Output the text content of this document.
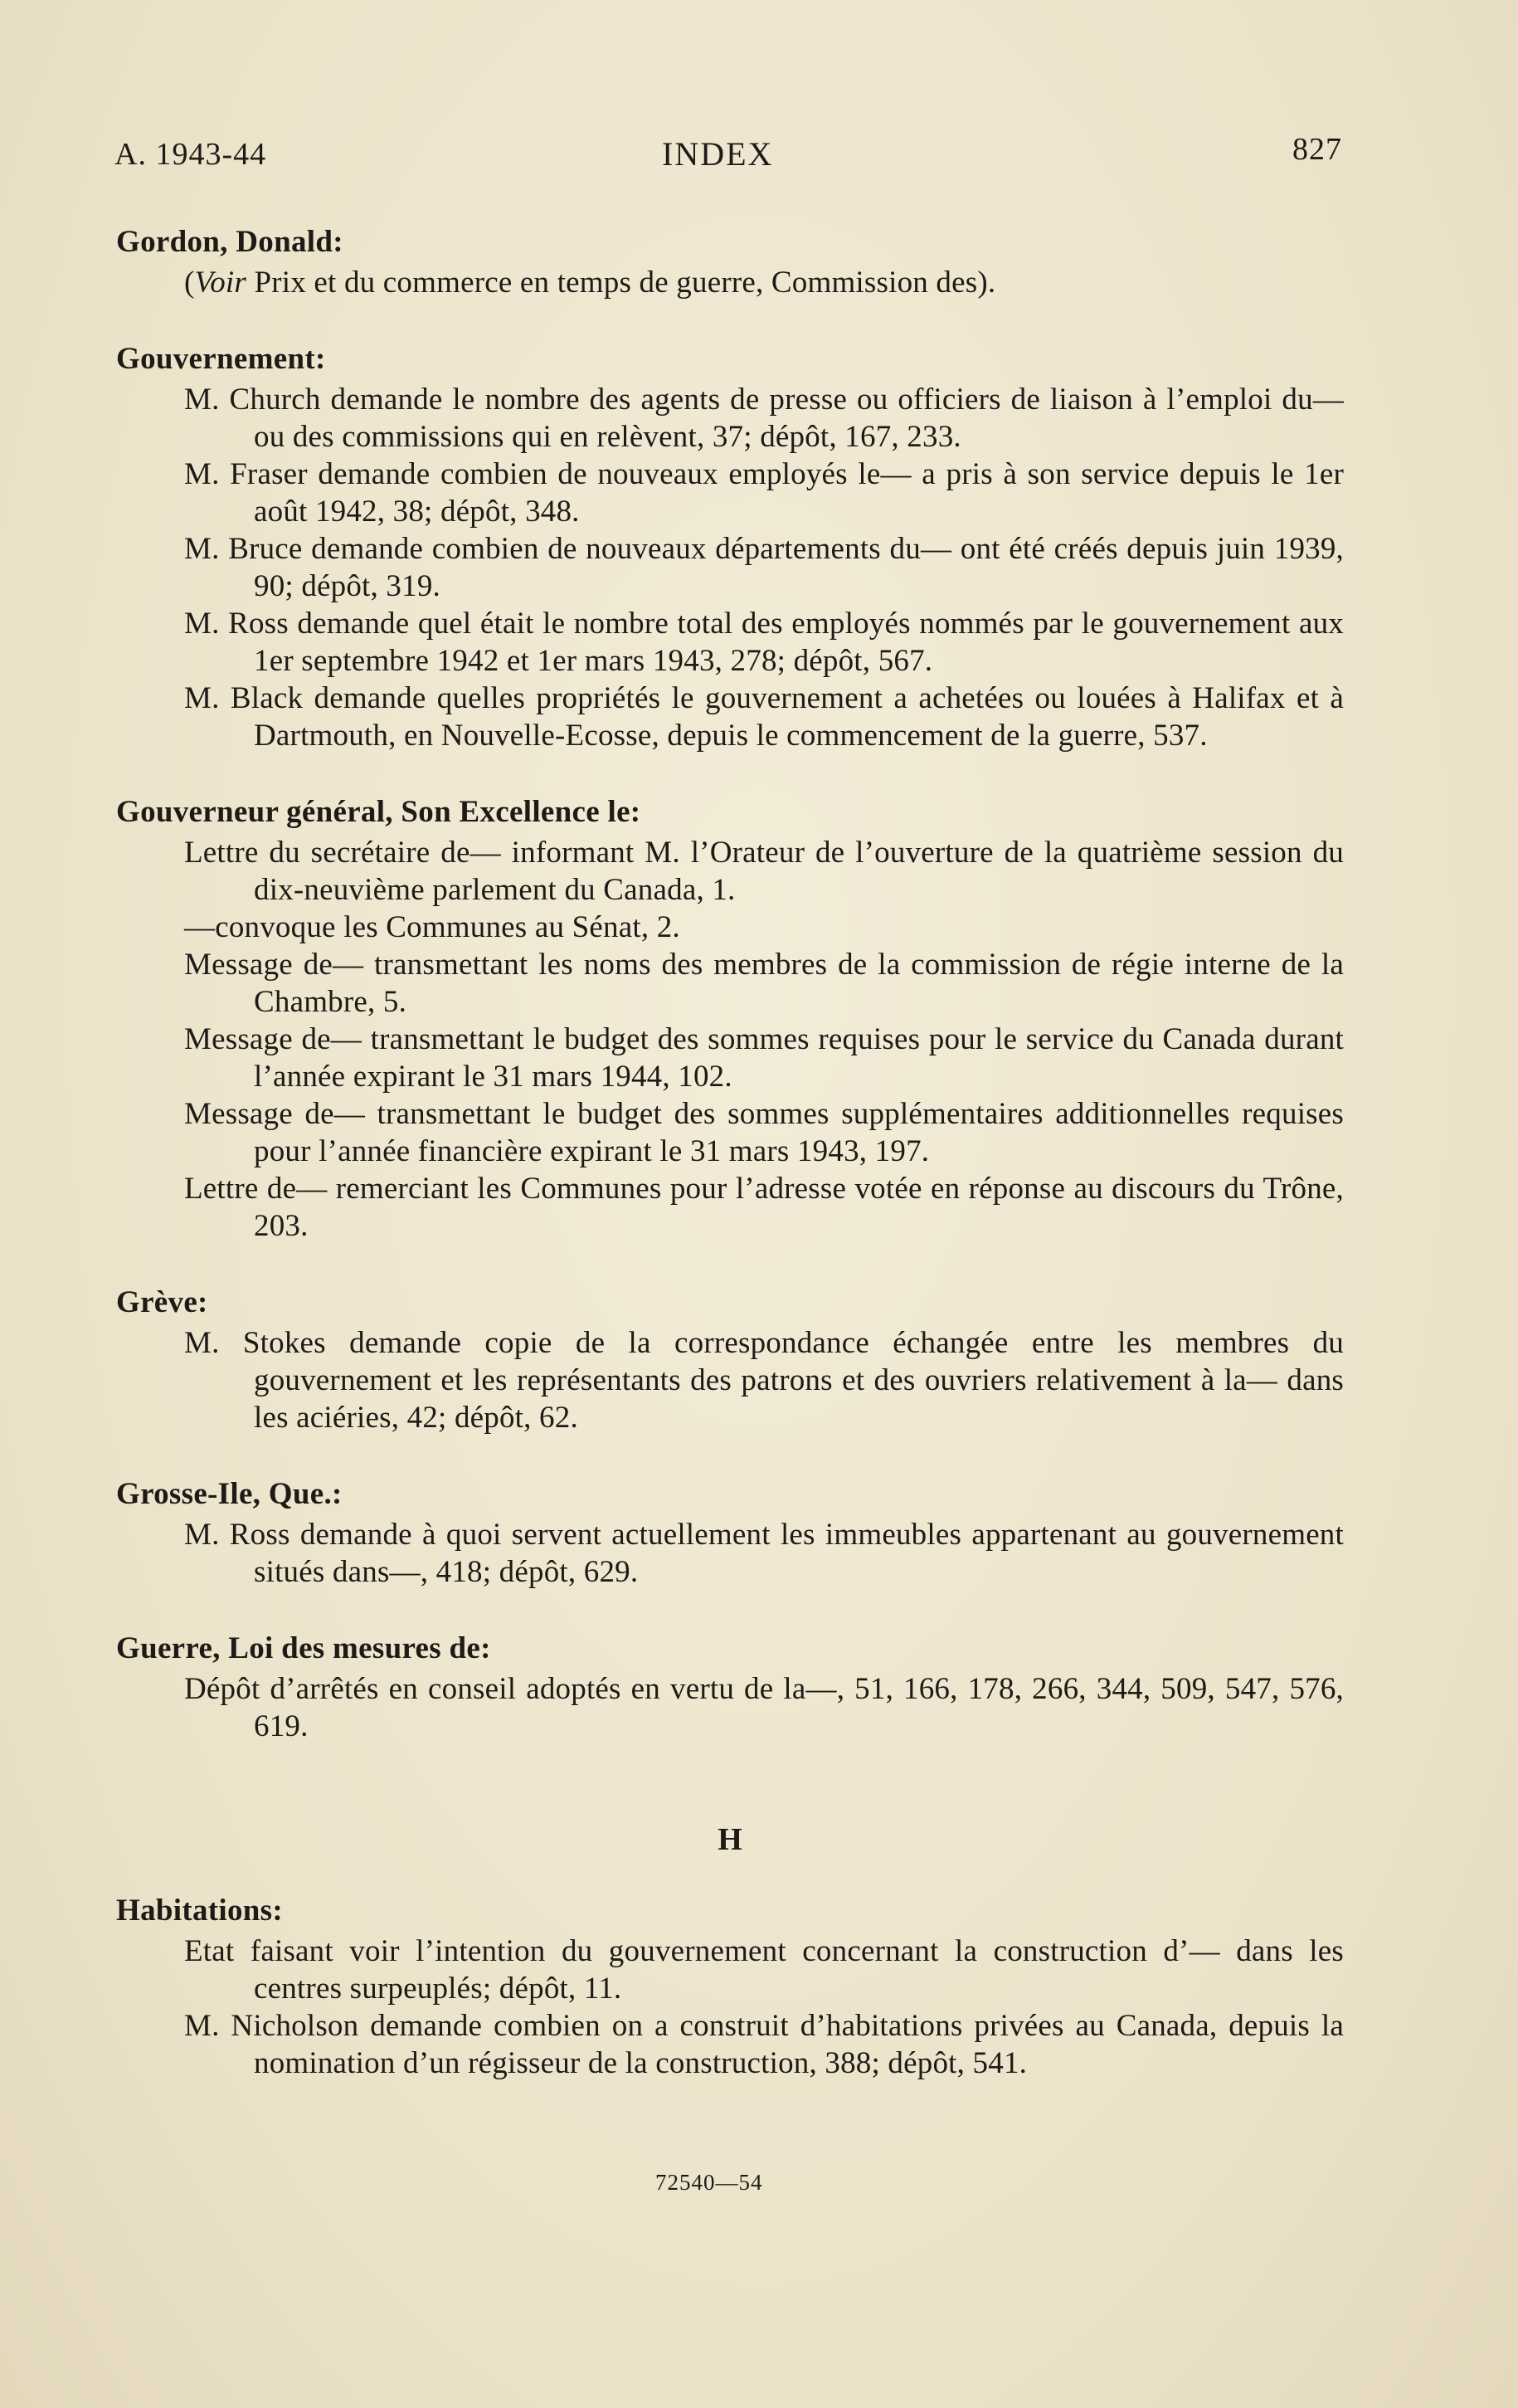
A. 1943-44	INDEX	827
Gordon, Donald:
(Voir Prix et du commerce en temps de guerre, Commission des).
Gouvernement:
M. Church demande le nombre des agents de presse ou officiers de liaison à l’emploi du— ou des commissions qui en relèvent, 37; dépôt, 167, 233.
M. Fraser demande combien de nouveaux employés le— a pris à son service depuis le 1er août 1942, 38; dépôt, 348.
M. Bruce demande combien de nouveaux départements du— ont été créés depuis juin 1939, 90; dépôt, 319.
M. Ross demande quel était le nombre total des employés nommés par le gouvernement aux 1er septembre 1942 et 1er mars 1943, 278; dépôt, 567.
M. Black demande quelles propriétés le gouvernement a achetées ou louées à Halifax et à Dartmouth, en Nouvelle-Ecosse, depuis le commencement de la guerre, 537.
Gouverneur général, Son Excellence le:
Lettre du secrétaire de— informant M. l’Orateur de l’ouverture de la quatrième session du dix-neuvième parlement du Canada, 1.
—convoque les Communes au Sénat, 2.
Message de— transmettant les noms des membres de la commission de régie interne de la Chambre, 5.
Message de— transmettant le budget des sommes requises pour le service du Canada durant l’année expirant le 31 mars 1944, 102.
Message de— transmettant le budget des sommes supplémentaires additionnelles requises pour l’année financière expirant le 31 mars 1943, 197.
Lettre de— remerciant les Communes pour l’adresse votée en réponse au discours du Trône, 203.
Grève:
M. Stokes demande copie de la correspondance échangée entre les membres du gouvernement et les représentants des patrons et des ouvriers relativement à la— dans les aciéries, 42; dépôt, 62.
Grosse-Ile, Que.:
M. Ross demande à quoi servent actuellement les immeubles appartenant au gouvernement situés dans—, 418; dépôt, 629.
Guerre, Loi des mesures de:
Dépôt d’arrêtés en conseil adoptés en vertu de la—, 51, 166, 178, 266, 344, 509, 547, 576, 619.
H
Habitations:
Etat faisant voir l’intention du gouvernement concernant la construction d’— dans les centres surpeuplés; dépôt, 11.
M. Nicholson demande combien on a construit d’habitations privées au Canada, depuis la nomination d’un régisseur de la construction, 388; dépôt, 541.
72540—54
